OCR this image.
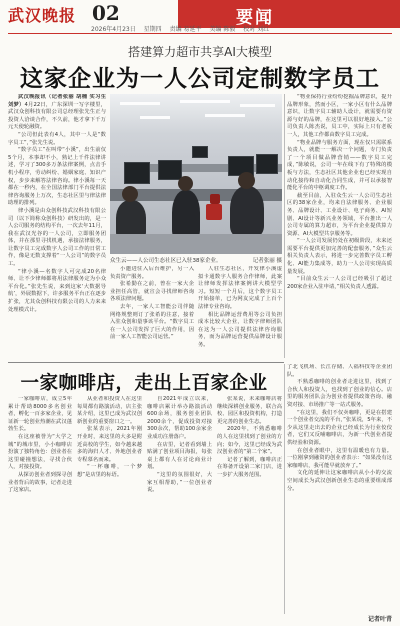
武汉晚报 02	要闻
2026年4月23日 星期四 责编 易延平 美编 陈毅 校对 刘红
搭建算力超市共享AI大模型
这家企业为一人公司定制数字员工

武汉晚报讯（记者张丽 胡楠 实习生 刘梦）4月22日，广东深圳一写字楼里，武汉众创科技有限公司总经理张先生正与投资人洽谈合作，不久前，他才拿下千万元天使轮融资。

“公司但此表有4人，其中一人是“数字员工”，”张先生说。

“数字员工”在叫带“小溪”，出生前仅5个月，本事却不小，熟记上千件法律讲述，学习了300多万条法律案例，点击手机小程序，劳动纠纷、婚姻家庭、知识产权，步步来解答法律咨询。律小溪每一天都在一秒内，在全国法律部门平台提供法律咨询服务上万次，生态社区里与律法律助理的排列。

律小溪是由众创科技武汉科技有限公司（以下简称众创科技）研发出的，是一人公司服务的结构平台，一次去年11月，我在武汉光谷的一人公司，立即服务团体，并在那里寻找机遇，承接法律服务，让数字员工完成数字人公司工作的日常工作，像是无数支撑着“一人公司”的数字员工。

“律小溪—名数字人可完成20名律师、让不少律师都将用法律服务定为小众平台化。”张先生说，来到这家‘大数据导航’，外展数据下，许多服务平台正在逐步扩张，尤其众创科技有限公司的人力来来处理模式计。

众生云——人公司生态社区已入驻38家企业。	记者张丽 摄

小邀进驻入后台维护，另一入负责资产服务。

张希勤在之前，曾在一家大企业担任高管，就宣会寻找律师咨询各项法律问题。

去年，一家人工智能公司伴随网络规整则订了张希的注意，接着入驻众创和量事该平台。“数字员工在一人公司发挥了巨大的作用，因前一家人工智能公司运营。”

人驻生态社区，开发律小溪虚拟卡通数字人服务合作律师，此案让律师发挥法律案例讲大模型学习。短短一个月后，这个数字员工开始接单，已为网友完成了上百个法律专业咨询。

相比品牌运营费用等公司负担成本比较大企业，让数字律师团队在这为一人公司提供法律咨询服务，而为品牌运营提供品牌设计服务。

“物业保持行业纷纷挖掘品牌意识，提升品牌形象，然而小区，一家小区有什么品牌意识，让数字员工辅助人设计，就需要有资源与好的品牌，在这里可以很好地接入。”公司负责人陈杰说，员工中，实际上只有老板一人，其他工作都由数字员工完成。

“物业品牌与服务方面，现在仅只需联系负责人，就能一一解决一个问题，专门负责了一个项目做品牌营销——数字员工完成，”陈敏说，公司一年在线下有了特殊的模板与方法，生态社区其他企业也已经实现自动化接待和自动化合同生成，并可以承接智能化平台的中枢调度工作。

截至目前，入驻众生云一人公司生态社区的38家企业，均来自法律服务、企业服务、品牌设计、工业设计、电子商务、AI短剧、AI设计等新兴业务领域，平台推出一人公司专属的算力超市，为平台企业提供算力资源、AI大模型共享服务等。

“一人公司发展仍处在初级阶段，未来还需要平台提供更加完善的配套服务，”众生云相关负责人表示，将进一步完善数字员工孵化、AI能力集成等，助力一人公司实现高质量发展。

“目前众生云一人公司已经吸引了超过200家企业入驻申请，”相关负责人透露。

一家咖啡店，走出上百家企业

一家咖啡店，成立5年累计帮助8000多名创业者，孵化一百多家企业，见证新一轮创业热潮在武汉蓬勃生长。

在这座被誉为“大学之城”的城市里，小小咖啡店扮演了独特角色：创业者在这里碰撞想法，寻找合伙人，对接投资。

从探访创业者到探寻创业者背后的故事，记者走进了这家店。

从业者和投资人在这里每周都有路演活动，店主张某介绍，这里已成为武汉创新创业的重要窗口之一。

张某表示，2021年刚开业时，来这里的大多是附近高校的学生，如今越来越多的海归人才、外地创业者专程慕名而来。

“一杯咖啡，一个梦想”是店里的标语。

自2021年成立以来，咖啡店累计举办路演活动600余场，服务创业团队2000余个，促成投资对接300余次，帮助100余家企业成功注册落户。

在店里，记者看到墙上贴满了创业项目海报，每张桌上都有人在讨论商业计划。

“这里的氛围很好，大家互相帮助，”一位创业者说。

张某说，未来咖啡店将继续深耕创业服务，联合高校、园区和投资机构，打造更完善的创业生态。

2020年，不熟悉咖啡的人在这里找到了创业的方向；如今，这里已经成为武汉创业者的“第二个家”。

记者了解到，咖啡店正在筹备开设第二家门店，进一步扩大服务范围。

了北飞机场、长江存储、人福科技等企业团队。

不熟悉咖啡的创业者走进这里，找到了合伙人和投资人，也找到了创业的信心。店里的服务团队会为创业者提供政策咨询、融资对接、市场推广等一站式服务。

“在这里，我们不仅卖咖啡，更是在搭建一个创业者交流的平台，”张某说，5年来，不少从这里走出去的企业已经成长为行业佼佼者，它们又反哺咖啡店，为新一代创业者提供经验和资源。

在创业者眼中，这里有温暖也有力量。一位刚拿到融资的创业者表示：“如果没有这家咖啡店，我可能早就放弃了。”

文化的延伸让这家咖啡店从小小的交流空间成长为武汉创新创业生态的重要组成部分。

记者叶青
